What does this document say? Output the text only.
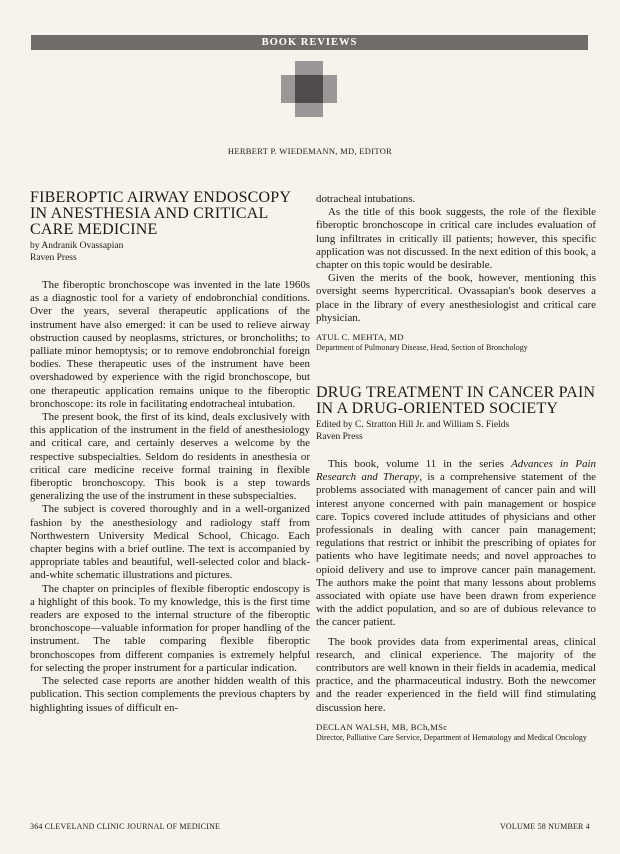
BOOK REVIEWS
HERBERT P. WIEDEMANN, MD, EDITOR
FIBEROPTIC AIRWAY ENDOSCOPY IN ANESTHESIA AND CRITICAL CARE MEDICINE
by Andranik Ovassapian
Raven Press

The fiberoptic bronchoscope was invented in the late 1960s as a diagnostic tool for a variety of endobronchial conditions. Over the years, several therapeutic applications of the instrument have also emerged: it can be used to relieve airway obstruction caused by neoplasms, strictures, or broncholiths; to palliate minor hemoptysis; or to remove endobronchial foreign bodies. These therapeutic uses of the instrument have been overshadowed by experience with the rigid bronchoscope, but one therapeutic application remains unique to the fiberoptic bronchoscope: its role in facilitating endotracheal intubation.

The present book, the first of its kind, deals exclusively with this application of the instrument in the field of anesthesiology and critical care, and certainly deserves a welcome by the respective subspecialties. Seldom do residents in anesthesia or critical care medicine receive formal training in flexible fiberoptic bronchoscopy. This book is a step towards generalizing the use of the instrument in these subspecialties.

The subject is covered thoroughly and in a well-organized fashion by the anesthesiology and radiology staff from Northwestern University Medical School, Chicago. Each chapter begins with a brief outline. The text is accompanied by appropriate tables and beautiful, well-selected color and black-and-white schematic illustrations and pictures.

The chapter on principles of flexible fiberoptic endoscopy is a highlight of this book. To my knowledge, this is the first time readers are exposed to the internal structure of the fiberoptic bronchoscope—valuable information for proper handling of the instrument. The table comparing flexible fiberoptic bronchoscopes from different companies is extremely helpful for selecting the proper instrument for a particular indication.

The selected case reports are another hidden wealth of this publication. This section complements the previous chapters by highlighting issues of difficult en-

dotracheal intubations.

As the title of this book suggests, the role of the flexible fiberoptic bronchoscope in critical care includes evaluation of lung infiltrates in critically ill patients; however, this specific application was not discussed. In the next edition of this book, a chapter on this topic would be desirable.

Given the merits of the book, however, mentioning this oversight seems hypercritical. Ovassapian's book deserves a place in the library of every anesthesiologist and critical care physician.

ATUL C. MEHTA, MD
Department of Pulmonary Disease, Head, Section of Bronchology
DRUG TREATMENT IN CANCER PAIN IN A DRUG-ORIENTED SOCIETY
Edited by C. Stratton Hill Jr. and William S. Fields
Raven Press

This book, volume 11 in the series Advances in Pain Research and Therapy, is a comprehensive statement of the problems associated with management of cancer pain and will interest anyone concerned with pain management or hospice care. Topics covered include attitudes of physicians and other professionals in dealing with cancer pain management; regulations that restrict or inhibit the prescribing of opiates for patients who have legitimate needs; and novel approaches to opioid delivery and use to improve cancer pain management. The authors make the point that many lessons about problems associated with opiate use have been drawn from experience with the addict population, and so are of dubious relevance to the cancer patient.

The book provides data from experimental areas, clinical research, and clinical experience. The majority of the contributors are well known in their fields in academia, medical practice, and the pharmaceutical industry. Both the newcomer and the reader experienced in the field will find stimulating discussion here.

DECLAN WALSH, MB, BCh,MSc
Director, Palliative Care Service, Department of Hematology and Medical Oncology
364 CLEVELAND CLINIC JOURNAL OF MEDICINE	VOLUME 58 NUMBER 4
